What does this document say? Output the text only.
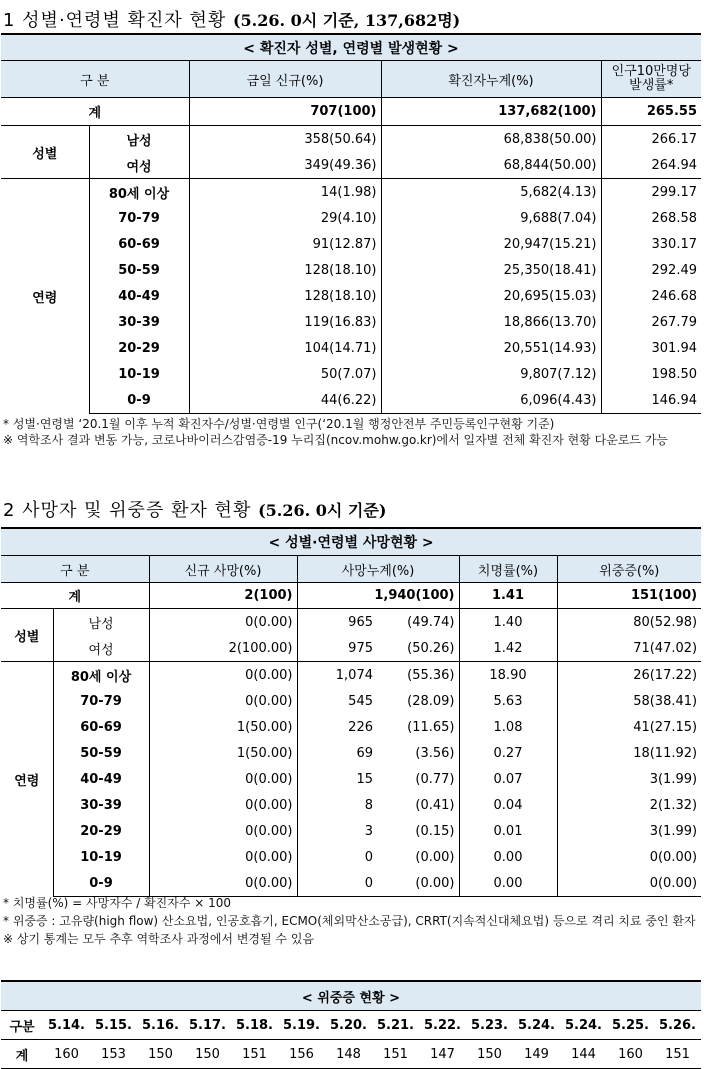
1 성별·연령별 확진자 현황 (5.26. 0시 기준, 137,682명)
< 확진자 성별, 연령별 발생현황 >				
구 분		금일 신규(%)	확진자누계(%)	인구10만명당
발생률*
계		707(100)	137,682(100)	265.55
성별	남성	358(50.64)	68,838(50.00)	266.17
	여성	349(49.36)	68,844(50.00)	264.94
연령	80세 이상	14(1.98)	5,682(4.13)	299.17
	70-79	29(4.10)	9,688(7.04)	268.58
	60-69	91(12.87)	20,947(15.21)	330.17
	50-59	128(18.10)	25,350(18.41)	292.49
	40-49	128(18.10)	20,695(15.03)	246.68
	30-39	119(16.83)	18,866(13.70)	267.79
	20-29	104(14.71)	20,551(14.93)	301.94
	10-19	50(7.07)	9,807(7.12)	198.50
	0-9	44(6.22)	6,096(4.43)	146.94
* 성별·연령별 ‘20.1월 이후 누적 확진자수/성별·연령별 인구(‘20.1월 행정안전부 주민등록인구현황 기준)
※ 역학조사 결과 변동 가능, 코로나바이러스감염증-19 누리집(ncov.mohw.go.kr)에서 일자별 전체 확진자 현황 다운로드 가능
2 사망자 및 위중증 환자 현황 (5.26. 0시 기준)
< 성별·연령별 사망현황 >						
구 분		신규 사망(%)	사망누계(%)		치명률(%)	위중증(%)
계		2(100)	1,940(100)		1.41	151(100)
성별	남성	0(0.00)	965	(49.74)	1.40	80(52.98)
	여성	2(100.00)	975	(50.26)	1.42	71(47.02)
연령	80세 이상	0(0.00)	1,074	(55.36)	18.90	26(17.22)
	70-79	0(0.00)	545	(28.09)	5.63	58(38.41)
	60-69	1(50.00)	226	(11.65)	1.08	41(27.15)
	50-59	1(50.00)	69	(3.56)	0.27	18(11.92)
	40-49	0(0.00)	15	(0.77)	0.07	3(1.99)
	30-39	0(0.00)	8	(0.41)	0.04	2(1.32)
	20-29	0(0.00)	3	(0.15)	0.01	3(1.99)
	10-19	0(0.00)	0	(0.00)	0.00	0(0.00)
	0-9	0(0.00)	0	(0.00)	0.00	0(0.00)
* 치명률(%) = 사망자수 / 확진자수 × 100
* 위중증 : 고유량(high flow) 산소요법, 인공호흡기, ECMO(체외막산소공급), CRRT(지속적신대체요법) 등으로 격리 치료 중인 환자
※ 상기 통계는 모두 추후 역학조사 과정에서 변경될 수 있음
< 위중증 현황 >														
구분	5.14.	5.15.	5.16.	5.17.	5.18.	5.19.	5.20.	5.21.	5.22.	5.23.	5.24.	5.24.	5.25.	5.26.
계	160	153	150	150	151	156	148	151	147	150	149	144	160	151
